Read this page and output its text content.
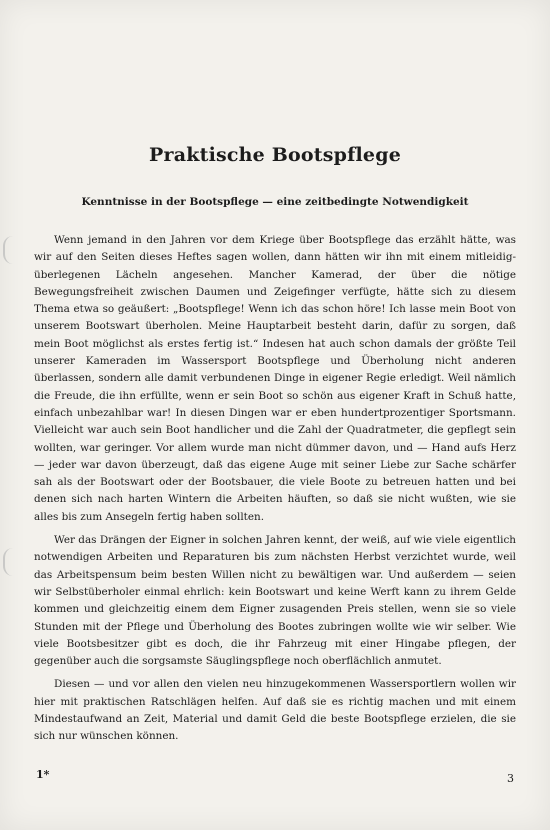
Praktische Bootspflege
Kenntnisse in der Bootspflege — eine zeitbedingte Notwendigkeit

Wenn jemand in den Jahren vor dem Kriege über Bootspflege das erzählt hätte, was wir auf den Seiten dieses Heftes sagen wollen, dann hätten wir ihn mit einem mitleidig-überlegenen Lächeln angesehen. Mancher Kamerad, der über die nötige Bewegungsfreiheit zwischen Daumen und Zeigefinger verfügte, hätte sich zu diesem Thema etwa so geäußert: „Bootspflege! Wenn ich das schon höre! Ich lasse mein Boot von unserem Bootswart überholen. Meine Hauptarbeit besteht darin, dafür zu sorgen, daß mein Boot möglichst als erstes fertig ist.“ Indesen hat auch schon damals der größte Teil unserer Kameraden im Wassersport Bootspflege und Überholung nicht anderen überlassen, sondern alle damit verbundenen Dinge in eigener Regie erledigt. Weil nämlich die Freude, die ihn erfüllte, wenn er sein Boot so schön aus eigener Kraft in Schuß hatte, einfach unbezahlbar war! In diesen Dingen war er eben hundertprozentiger Sportsmann. Vielleicht war auch sein Boot handlicher und die Zahl der Quadratmeter, die gepflegt sein wollten, war geringer. Vor allem wurde man nicht dümmer davon, und — Hand aufs Herz — jeder war davon überzeugt, daß das eigene Auge mit seiner Liebe zur Sache schärfer sah als der Bootswart oder der Bootsbauer, die viele Boote zu betreuen hatten und bei denen sich nach harten Wintern die Arbeiten häuften, so daß sie nicht wußten, wie sie alles bis zum Ansegeln fertig haben sollten.

Wer das Drängen der Eigner in solchen Jahren kennt, der weiß, auf wie viele eigentlich notwendigen Arbeiten und Reparaturen bis zum nächsten Herbst verzichtet wurde, weil das Arbeitspensum beim besten Willen nicht zu bewältigen war. Und außerdem — seien wir Selbstüberholer einmal ehrlich: kein Bootswart und keine Werft kann zu ihrem Gelde kommen und gleichzeitig einem dem Eigner zusagenden Preis stellen, wenn sie so viele Stunden mit der Pflege und Überholung des Bootes zubringen wollte wie wir selber. Wie viele Bootsbesitzer gibt es doch, die ihr Fahrzeug mit einer Hingabe pflegen, der gegenüber auch die sorgsamste Säuglingspflege noch oberflächlich anmutet.

Diesen — und vor allen den vielen neu hinzugekommenen Wassersportlern wollen wir hier mit praktischen Ratschlägen helfen. Auf daß sie es richtig machen und mit einem Mindestaufwand an Zeit, Material und damit Geld die beste Bootspflege erzielen, die sie sich nur wünschen können.

1*	3
